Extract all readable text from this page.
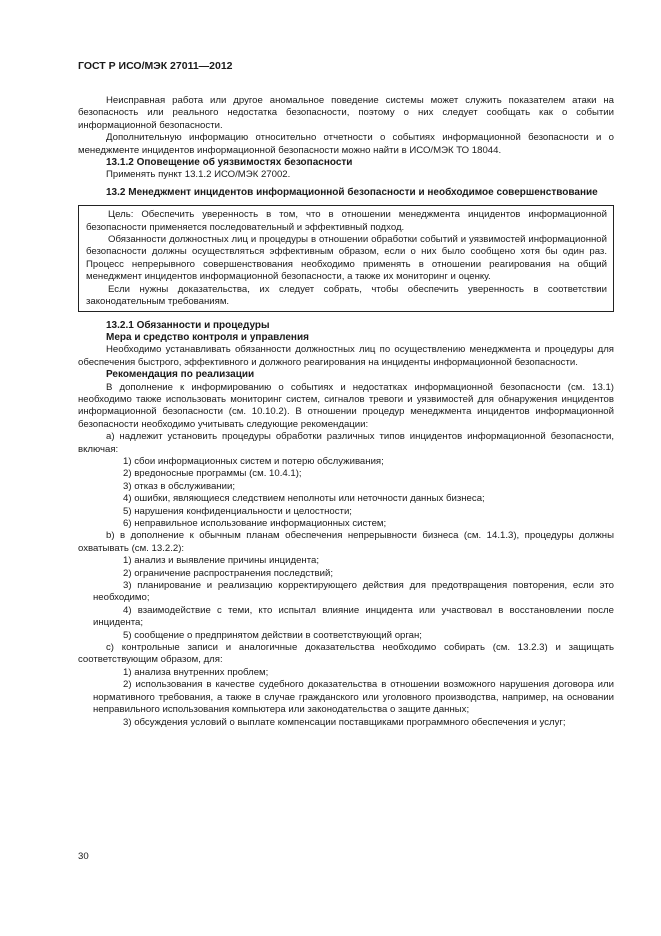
ГОСТ Р ИСО/МЭК 27011—2012

Неисправная работа или другое аномальное поведение системы может служить показателем атаки на безопасность или реального недостатка безопасности, поэтому о них следует сообщать как о событии информационной безопасности.

Дополнительную информацию относительно отчетности о событиях информационной безопасности и о менеджменте инцидентов информационной безопасности можно найти в ИСО/МЭК ТО 18044.

13.1.2 Оповещение об уязвимостях безопасности

Применять пункт 13.1.2 ИСО/МЭК 27002.

13.2 Менеджмент инцидентов информационной безопасности и необходимое совершенствование

Цель: Обеспечить уверенность в том, что в отношении менеджмента инцидентов информационной безопасности применяется последовательный и эффективный подход.

Обязанности должностных лиц и процедуры в отношении обработки событий и уязвимостей информационной безопасности должны осуществляться эффективным образом, если о них было сообщено хотя бы один раз. Процесс непрерывного совершенствования необходимо применять в отношении реагирования на общий менеджмент инцидентов информационной безопасности, а также их мониторинг и оценку.

Если нужны доказательства, их следует собрать, чтобы обеспечить уверенность в соответствии законодательным требованиям.

13.2.1 Обязанности и процедуры

Мера и средство контроля и управления

Необходимо устанавливать обязанности должностных лиц по осуществлению менеджмента и процедуры для обеспечения быстрого, эффективного и должного реагирования на инциденты информационной безопасности.

Рекомендация по реализации

В дополнение к информированию о событиях и недостатках информационной безопасности (см. 13.1) необходимо также использовать мониторинг систем, сигналов тревоги и уязвимостей для обнаружения инцидентов информационной безопасности (см. 10.10.2). В отношении процедур менеджмента инцидентов информационной безопасности необходимо учитывать следующие рекомендации:

a) надлежит установить процедуры обработки различных типов инцидентов информационной безопасности, включая:

1) сбои информационных систем и потерю обслуживания;

2) вредоносные программы (см. 10.4.1);

3) отказ в обслуживании;

4) ошибки, являющиеся следствием неполноты или неточности данных бизнеса;

5) нарушения конфиденциальности и целостности;

6) неправильное использование информационных систем;

b) в дополнение к обычным планам обеспечения непрерывности бизнеса (см. 14.1.3), процедуры должны охватывать (см. 13.2.2):

1) анализ и выявление причины инцидента;

2) ограничение распространения последствий;

3) планирование и реализацию корректирующего действия для предотвращения повторения, если это необходимо;

4) взаимодействие с теми, кто испытал влияние инцидента или участвовал в восстановлении после инцидента;

5) сообщение о предпринятом действии в соответствующий орган;

c) контрольные записи и аналогичные доказательства необходимо собирать (см. 13.2.3) и защищать соответствующим образом, для:

1) анализа внутренних проблем;

2) использования в качестве судебного доказательства в отношении возможного нарушения договора или нормативного требования, а также в случае гражданского или уголовного производства, например, на основании неправильного использования компьютера или законодательства о защите данных;

3) обсуждения условий о выплате компенсации поставщиками программного обеспечения и услуг;

30
